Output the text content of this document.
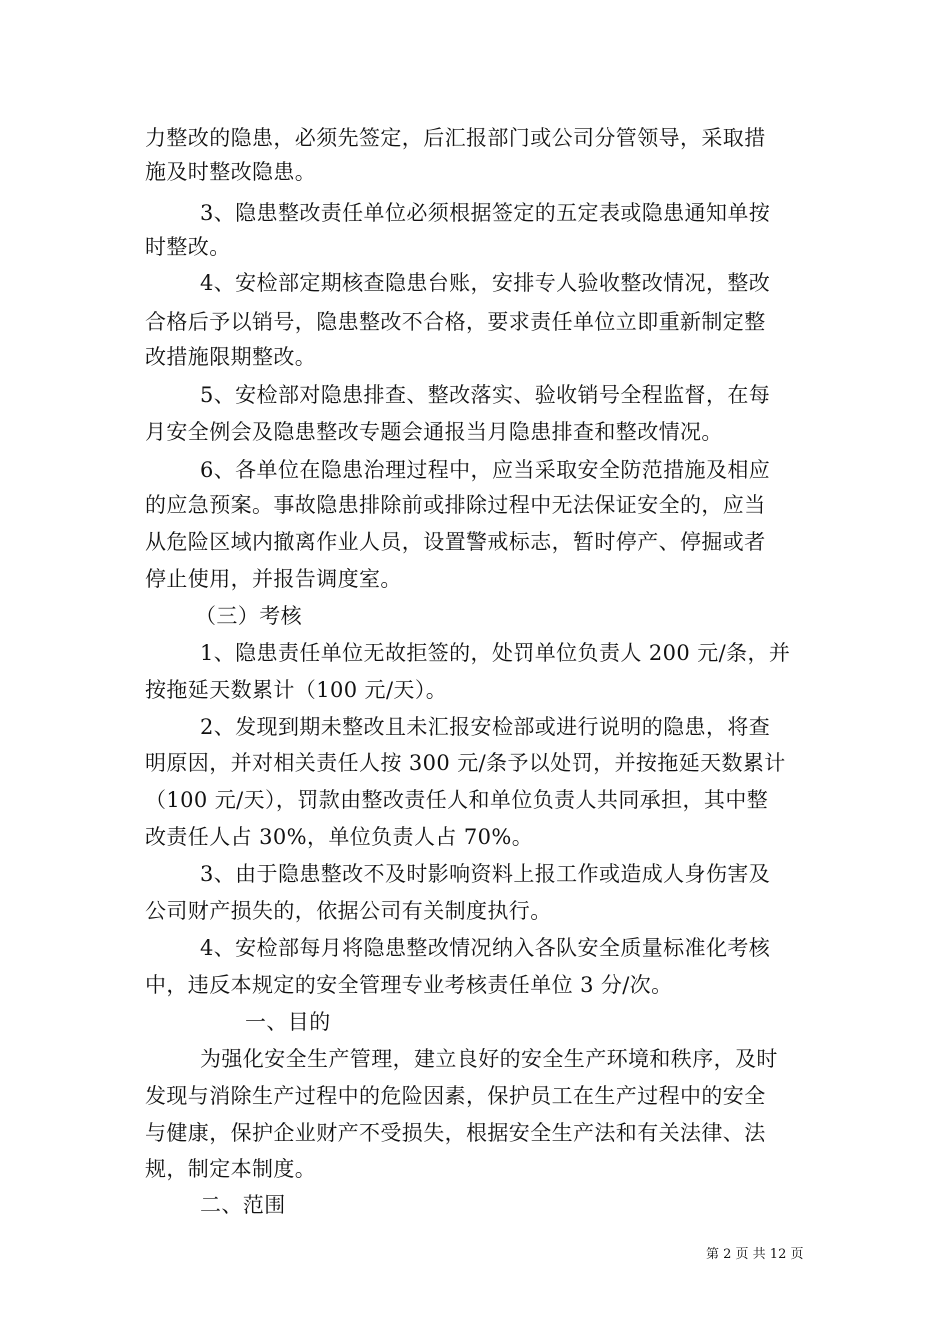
力整改的隐患，必须先签定，后汇报部门或公司分管领导，采取措
施及时整改隐患。
3、隐患整改责任单位必须根据签定的五定表或隐患通知单按
时整改。
4、安检部定期核查隐患台账，安排专人验收整改情况，整改
合格后予以销号，隐患整改不合格，要求责任单位立即重新制定整
改措施限期整改。
5、安检部对隐患排查、整改落实、验收销号全程监督，在每
月安全例会及隐患整改专题会通报当月隐患排查和整改情况。
6、各单位在隐患治理过程中，应当采取安全防范措施及相应
的应急预案。事故隐患排除前或排除过程中无法保证安全的，应当
从危险区域内撤离作业人员，设置警戒标志，暂时停产、停掘或者
停止使用，并报告调度室。
（三）考核
1、隐患责任单位无故拒签的，处罚单位负责人 200 元/条，并
按拖延天数累计（100 元/天）。
2、发现到期未整改且未汇报安检部或进行说明的隐患，将查
明原因，并对相关责任人按 300 元/条予以处罚，并按拖延天数累计
（100 元/天），罚款由整改责任人和单位负责人共同承担，其中整
改责任人占 30%，单位负责人占 70%。
3、由于隐患整改不及时影响资料上报工作或造成人身伤害及
公司财产损失的，依据公司有关制度执行。
4、安检部每月将隐患整改情况纳入各队安全质量标准化考核
中，违反本规定的安全管理专业考核责任单位 3 分/次。
一、目的
为强化安全生产管理，建立良好的安全生产环境和秩序，及时
发现与消除生产过程中的危险因素，保护员工在生产过程中的安全
与健康，保护企业财产不受损失，根据安全生产法和有关法律、法
规，制定本制度。
二、范围
第 2 页 共 12 页
